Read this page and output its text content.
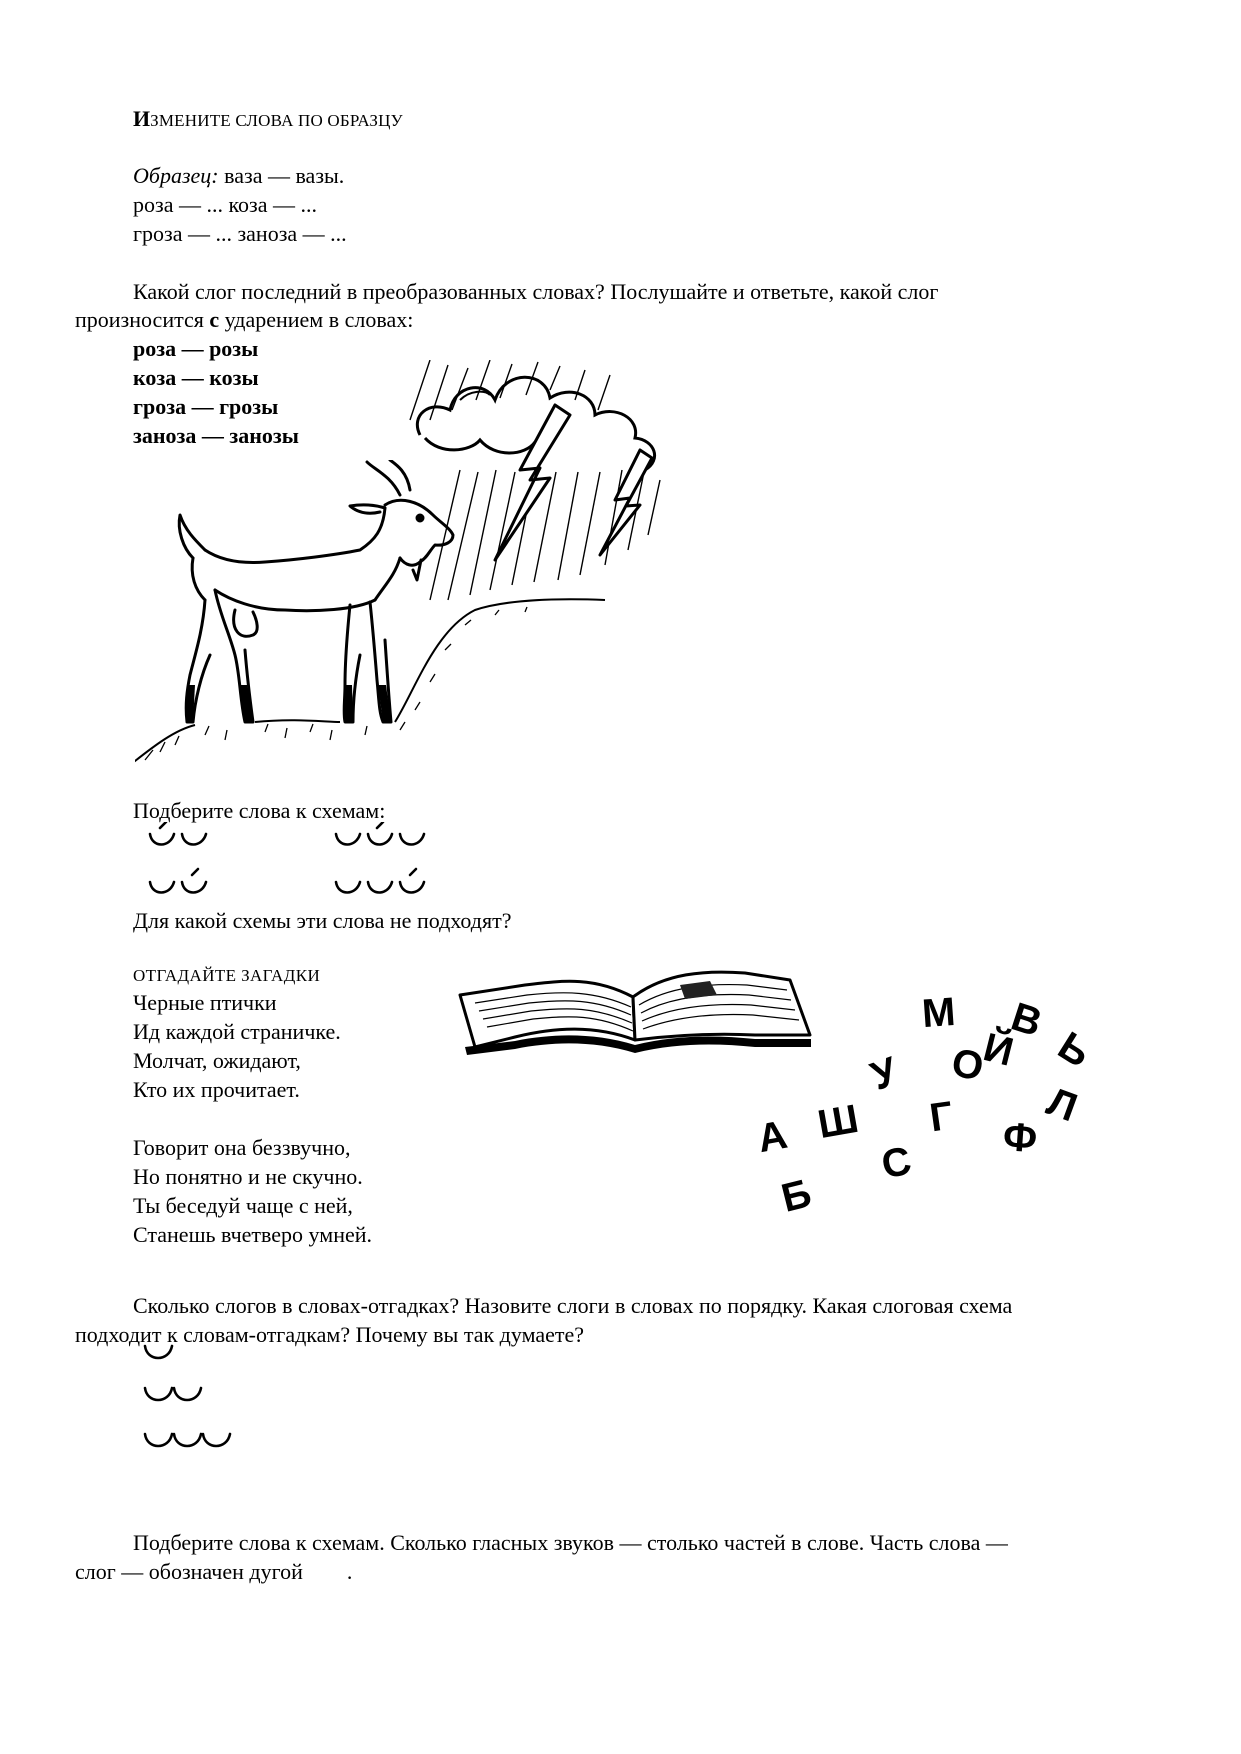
ИЗМЕНИТЕ СЛОВА ПО ОБРАЗЦУ
Образец: ваза — вазы.
роза — ... коза — ...
гроза — ... заноза — ...
Какой слог последний в преобразованных словах? Послушайте и ответьте, какой слог
произносится с ударением в словах:
роза — розы
коза — козы
гроза — грозы
заноза — занозы
Подберите слова к схемам:
Для какой схемы эти слова не подходят?
ОТГАДАЙТЕ ЗАГАДКИ
Черные птички
Ид каждой страничке.
Молчат, ожидают,
Кто их прочитает.
Говорит она беззвучно,
Но понятно и не скучно.
Ты беседуй чаще с ней,
Станешь вчетверо умней.
М В
Ь
Й
О
У
Л
Ш Г
А
С
Ф
Б
Сколько слогов в словах-отгадках? Назовите слоги в словах по порядку. Какая слоговая схема
подходит к словам-отгадкам? Почему вы так думаете?
Подберите слова к схемам. Сколько гласных звуков — столько частей в слове. Часть слова —
слог — обозначен дугой .
